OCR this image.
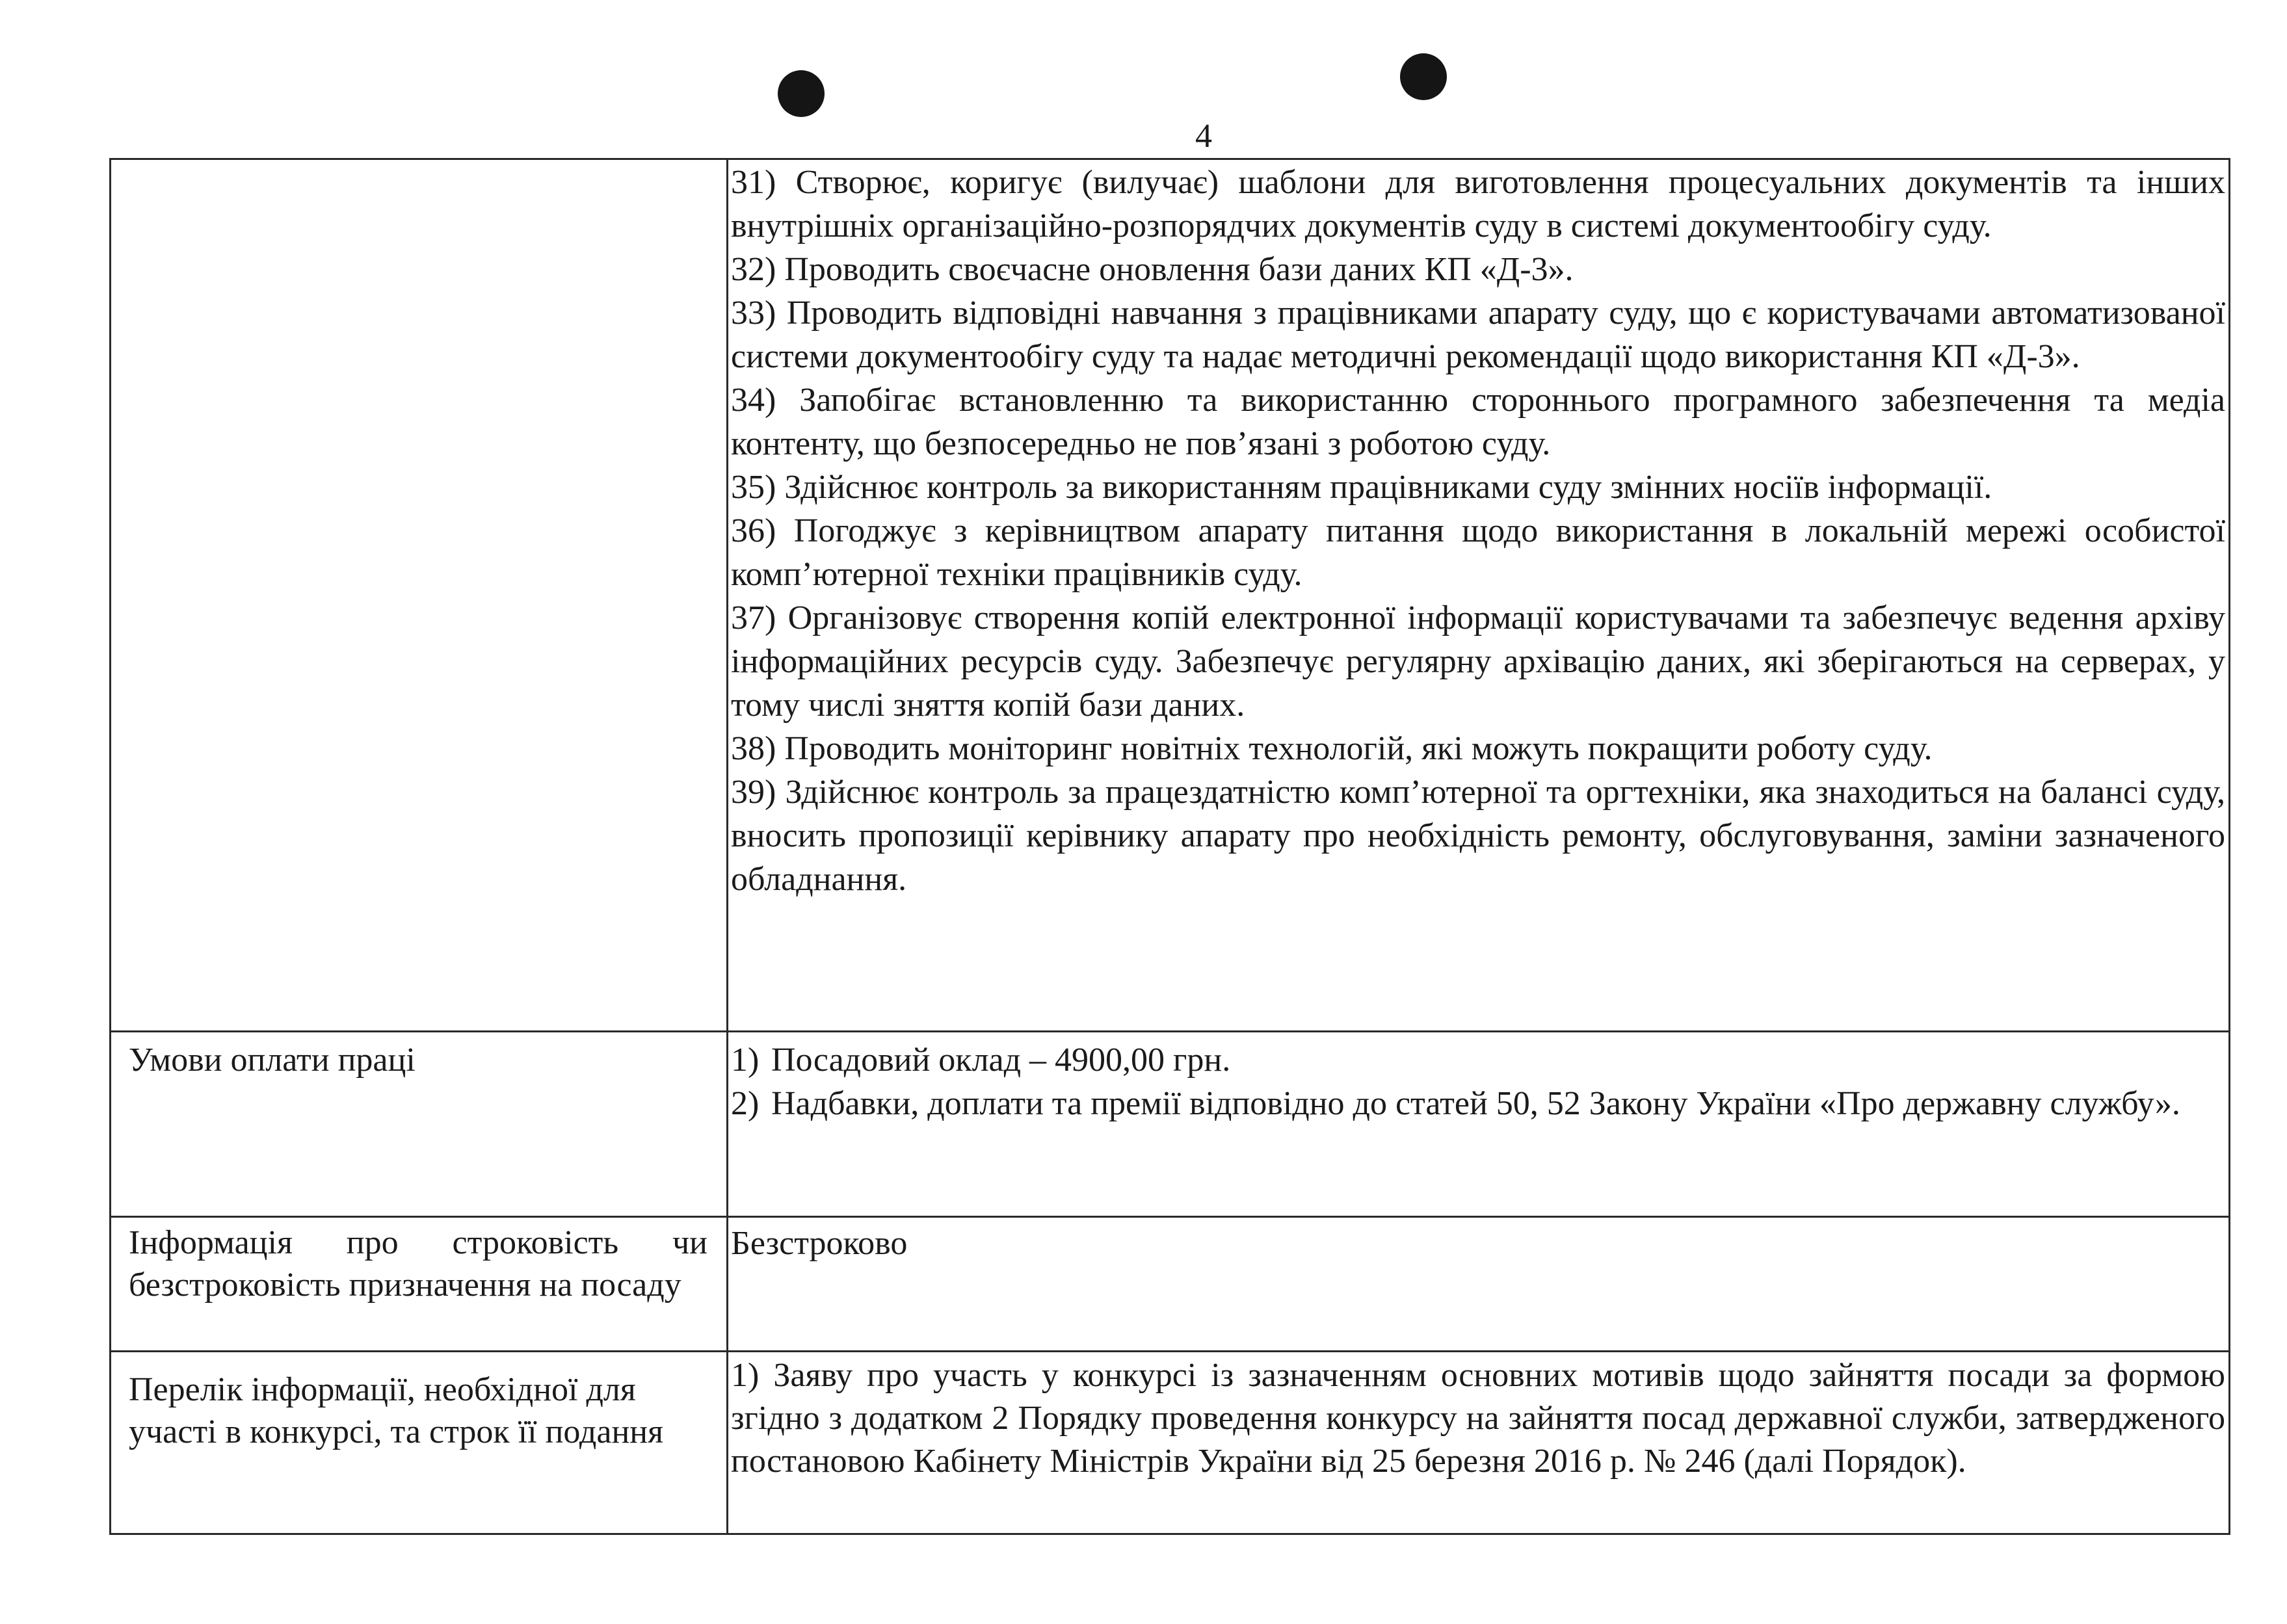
4

31) Створює, коригує (вилучає) шаблони для виготовлення процесуальних документів та інших внутрішніх організаційно-розпорядчих документів суду в системі документообігу суду.

32) Проводить своєчасне оновлення бази даних КП «Д-3».

33) Проводить відповідні навчання з працівниками апарату суду, що є користувачами автоматизованої системи документообігу суду та надає методичні рекомендації щодо використання КП «Д-3».

34) Запобігає встановленню та використанню стороннього програмного забезпечення та медіа контенту, що безпосередньо не пов’язані з роботою суду.

35) Здійснює контроль за використанням працівниками суду змінних носіїв інформації.

36) Погоджує з керівництвом апарату питання щодо використання в локальній мережі особистої комп’ютерної техніки працівників суду.

37) Організовує створення копій електронної інформації користувачами та забезпечує ведення архіву інформаційних ресурсів суду. Забезпечує регулярну архівацію даних, які зберігаються на серверах, у тому числі зняття копій бази даних.

38) Проводить моніторинг новітніх технологій, які можуть покращити роботу суду.

39) Здійснює контроль за працездатністю комп’ютерної та оргтехніки, яка знаходиться на балансі суду, вносить пропозиції керівнику апарату про необхідність ремонту, обслуговування, заміни зазначеного обладнання.

Умови оплати праці	1) Посадовий оклад – 4900,00 грн.
2) Надбавки, доплати та премії відповідно до статей 50, 52 Закону України «Про державну службу».

Інформація про строковість чи безстроковість призначення на посаду

Безстроково

Перелік інформації, необхідної для участі в конкурсі, та строк її подання

1) Заяву про участь у конкурсі із зазначенням основних мотивів щодо зайняття посади за формою згідно з додатком 2 Порядку проведення конкурсу на зайняття посад державної служби, затвердженого постановою Кабінету Міністрів України від 25 березня 2016 р. № 246 (далі Порядок).
